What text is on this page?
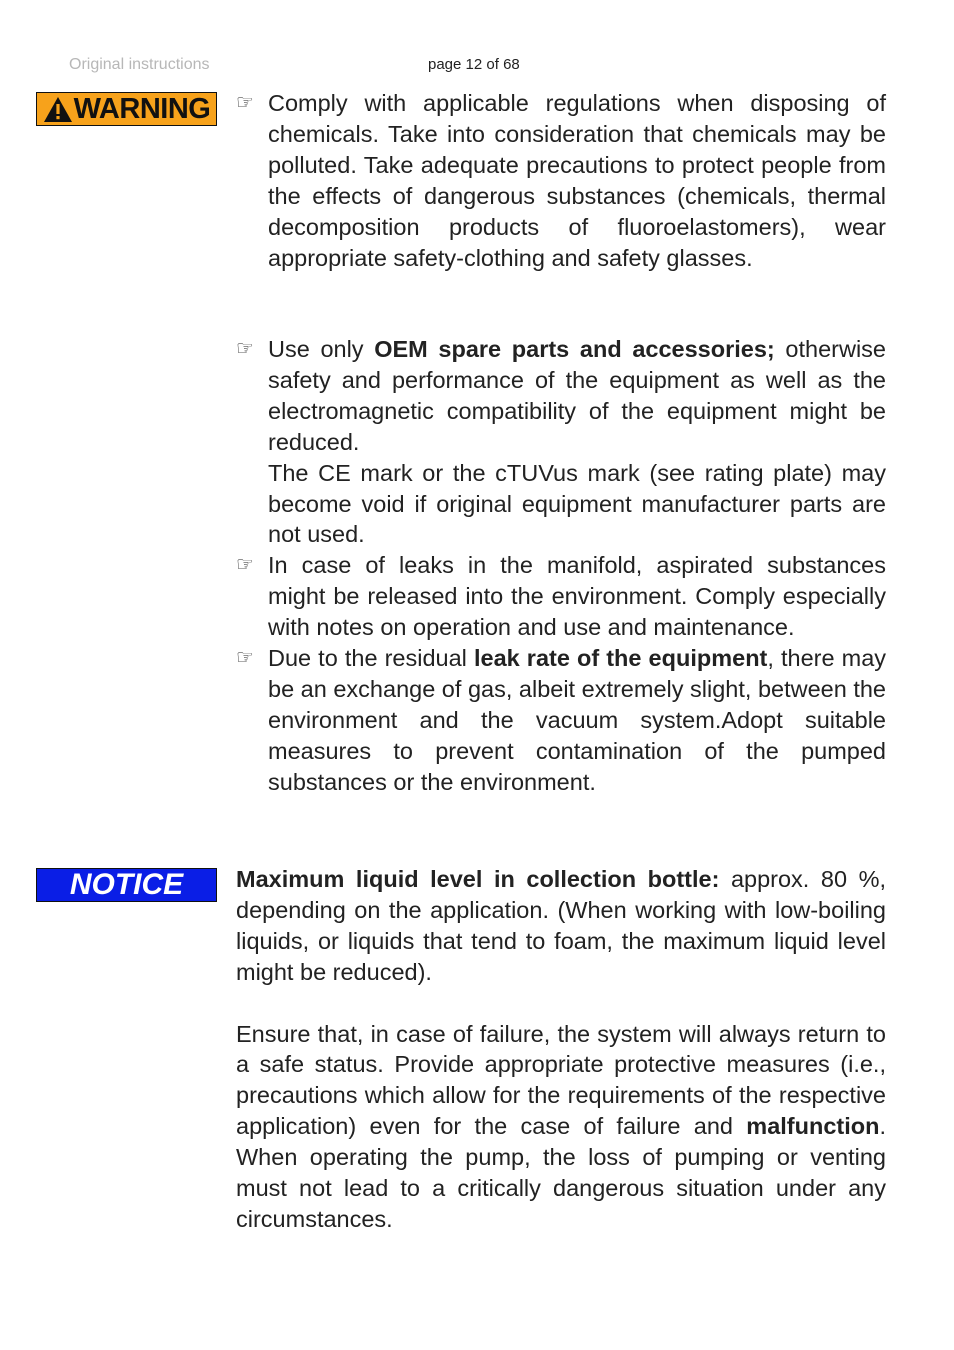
Original instructions	page 12 of 68
WARNING ☞ Comply with applicable regulations when disposing of chemicals. Take into consideration that chemicals may be polluted. Take adequate precautions to protect people from the effects of dangerous substances (chemicals, thermal decomposition products of fluoroelastomers), wear appropriate safety-clothing and safety glasses.

☞ Use only OEM spare parts and accessories; otherwise safety and performance of the equipment as well as the electromagnetic compatibility of the equipment might be reduced.

The CE mark or the cTUVus mark (see rating plate) may become void if original equipment manufacturer parts are not used.

☞ In case of leaks in the manifold, aspirated substances might be released into the environment. Comply especially with notes on operation and use and maintenance.

☞ Due to the residual leak rate of the equipment, there may be an exchange of gas, albeit extremely slight, between the environment and the vacuum system.Adopt suitable measures to prevent contamination of the pumped substances or the environment.

NOTICE	Maximum liquid level in collection bottle: approx. 80 %, depending on the application. (When working with low-boiling liquids, or liquids that tend to foam, the maximum liquid level might be reduced).

Ensure that, in case of failure, the system will always return to a safe status. Provide appropriate protective measures (i.e., precautions which allow for the requirements of the respective application) even for the case of failure and malfunction. When operating the pump, the loss of pumping or venting must not lead to a critically dangerous situation under any circumstances.
